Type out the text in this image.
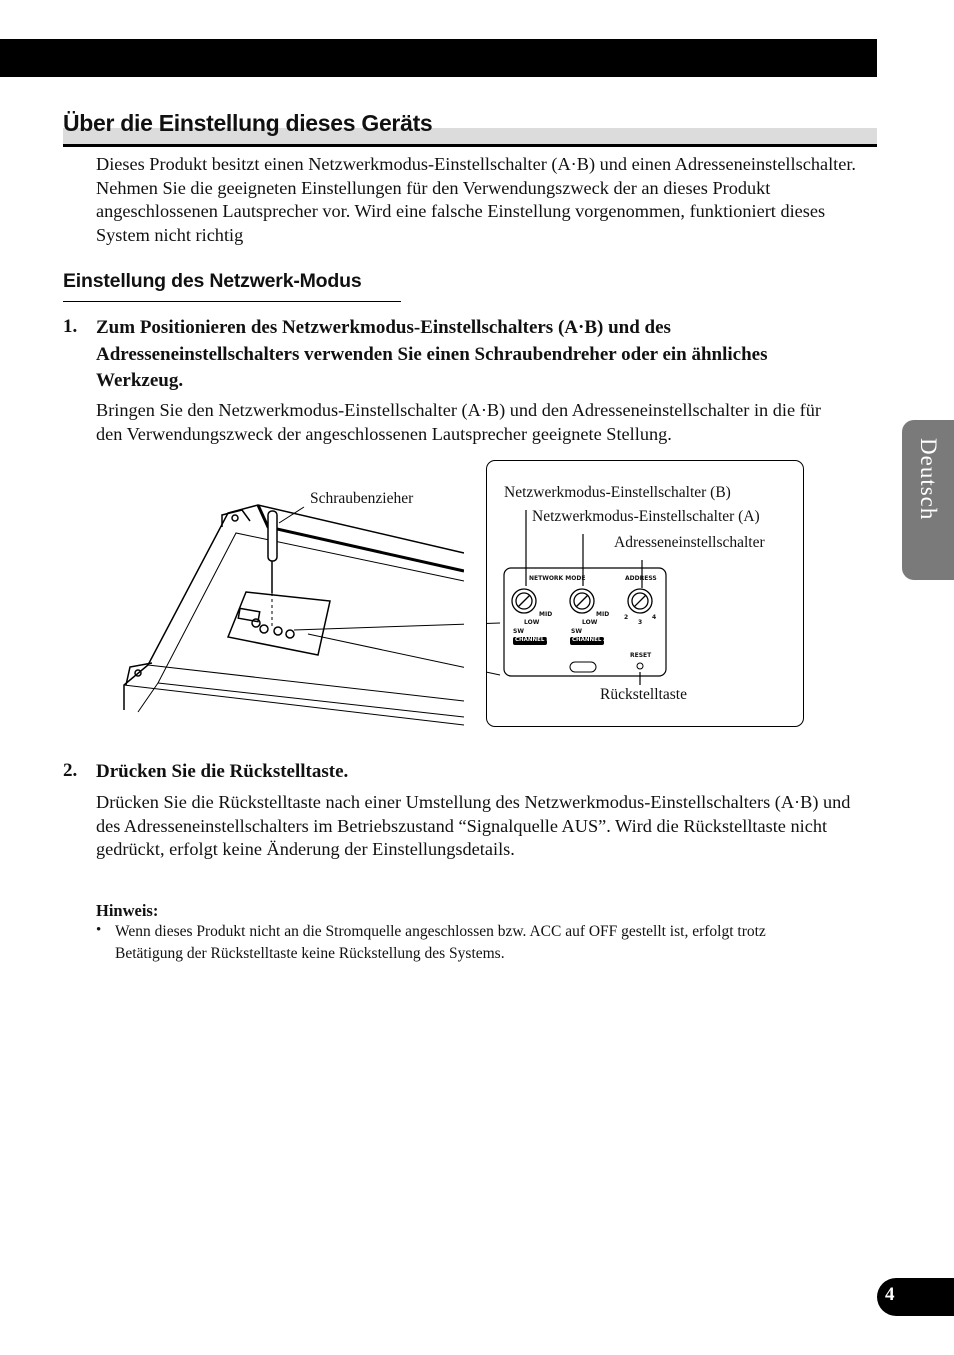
Über die Einstellung dieses Geräts

Dieses Produkt besitzt einen Netzwerkmodus-Einstellschalter (A·B) und einen Adresseneinstellschalter. Nehmen Sie die geeigneten Einstellungen für den Verwendungszweck der an dieses Produkt angeschlossenen Lautsprecher vor. Wird eine falsche Einstellung vorgenommen, funktioniert dieses System nicht richtig

Einstellung des Netzwerk-Modus
1. Zum Positionieren des Netzwerkmodus-Einstellschalters (A·B) und des Adresseneinstellschalters verwenden Sie einen Schraubendreher oder ein ähnliches Werkzeug.

Bringen Sie den Netzwerkmodus-Einstellschalter (A·B) und den Adresseneinstellschalter in die für den Verwendungszweck der angeschlossenen Lautsprecher geeignete Stellung.

Schraubenzieher	Netzwerkmodus-Einstellschalter (B)
Netzwerkmodus-Einstellschalter (A)
Adresseneinstellschalter
Rückstelltaste
NETWORK MODE	ADDRESS
MID	MID
LOW	LOW
SW	SW
CHANNEL B	CHANNEL A
RESET
2
3
4
2. Drücken Sie die Rückstelltaste.

Drücken Sie die Rückstelltaste nach einer Umstellung des Netzwerkmodus-Einstellschalters (A·B) und des Adresseneinstellschalters im Betriebszustand “Signalquelle AUS”. Wird die Rückstelltaste nicht gedrückt, erfolgt keine Änderung der Einstellungsdetails.

Hinweis:
• Wenn dieses Produkt nicht an die Stromquelle angeschlossen bzw. ACC auf OFF gestellt ist, erfolgt trotz Betätigung der Rückstelltaste keine Rückstellung des Systems.

Deutsch
4
